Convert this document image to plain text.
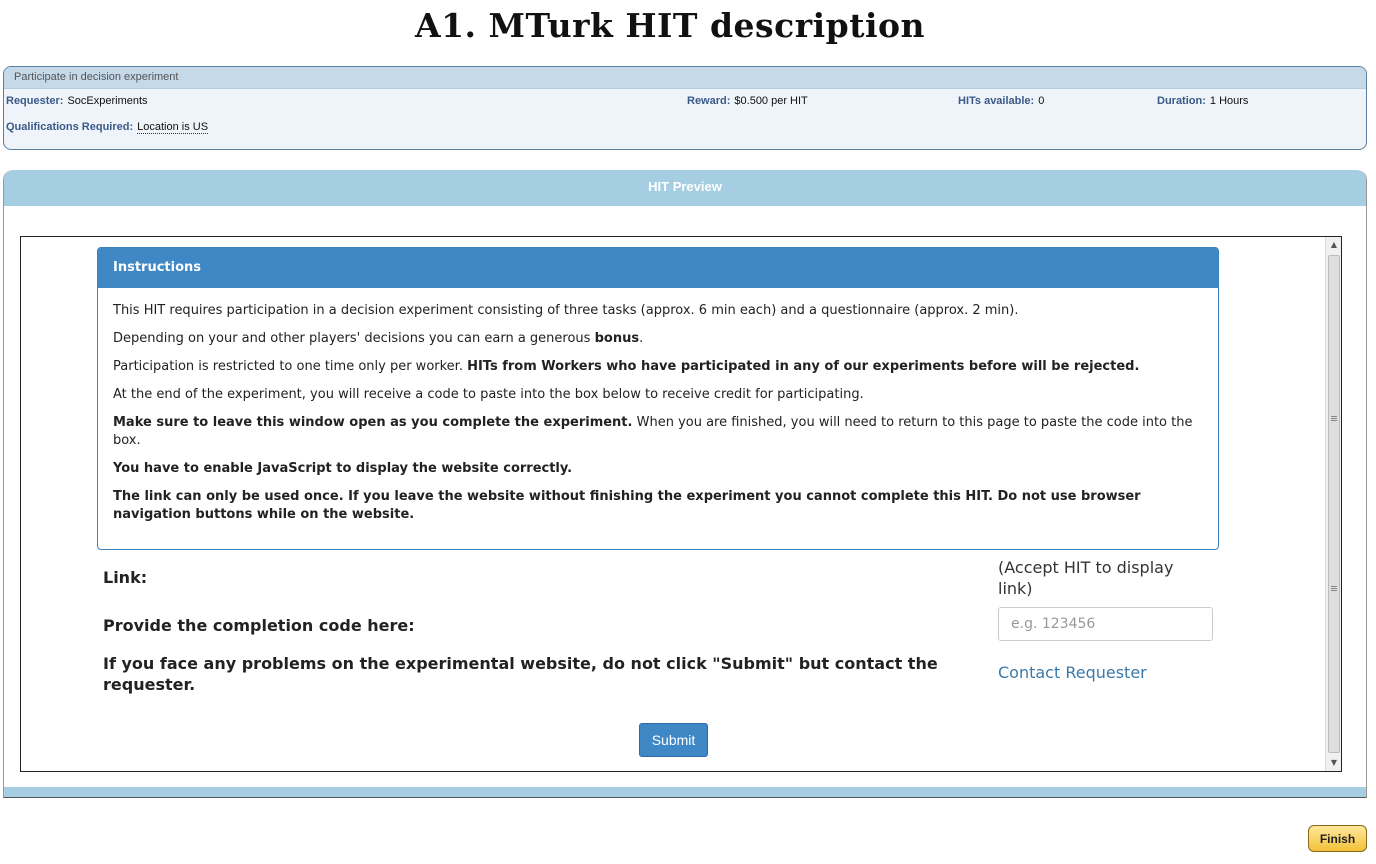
A1. MTurk HIT description
Participate in decision experiment
Requester: SocExperiments	Reward: $0.500 per HIT	HITs available: 0	Duration: 1 Hours
Qualifications Required: Location is US
HIT Preview
Instructions

This HIT requires participation in a decision experiment consisting of three tasks (approx. 6 min each) and a questionnaire (approx. 2 min).

Depending on your and other players' decisions you can earn a generous bonus.

Participation is restricted to one time only per worker. HITs from Workers who have participated in any of our experiments before will be rejected.

At the end of the experiment, you will receive a code to paste into the box below to receive credit for participating.

Make sure to leave this window open as you complete the experiment. When you are finished, you will need to return to this page to paste the code into the box.

You have to enable JavaScript to display the website correctly.

The link can only be used once. If you leave the website without finishing the experiment you cannot complete this HIT. Do not use browser navigation buttons while on the website.

Link:
(Accept HIT to display link)
Provide the completion code here:
e.g. 123456
If you face any problems on the experimental website, do not click "Submit" but contact the requester.
Contact Requester
Submit
▲
▼
Finish
